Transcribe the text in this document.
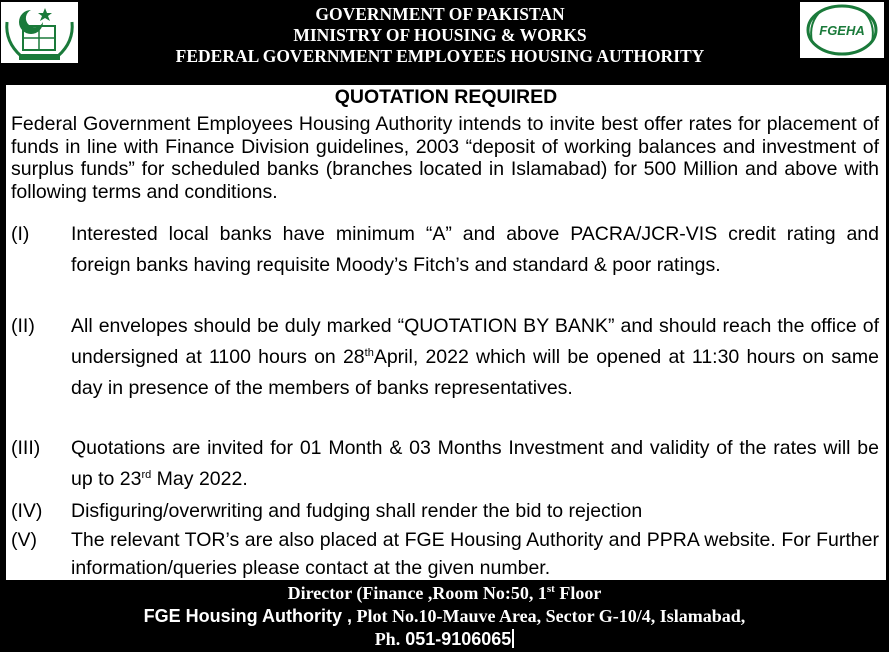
GOVERNMENT OF PAKISTAN
MINISTRY OF HOUSING & WORKS
FEDERAL GOVERNMENT EMPLOYEES HOUSING AUTHORITY
FGEHA
QUOTATION REQUIRED
Federal Government Employees Housing Authority intends to invite best offer rates for placement of funds in line with Finance Division guidelines, 2003 “deposit of working balances and investment of surplus funds” for scheduled banks (branches located in Islamabad) for 500 Million and above with following terms and conditions.
(I) Interested local banks have minimum “A” and above PACRA/JCR-VIS credit rating and foreign banks having requisite Moody’s Fitch’s and standard & poor ratings.
(II) All envelopes should be duly marked “QUOTATION BY BANK” and should reach the office of undersigned at 1100 hours on 28thApril, 2022 which will be opened at 11:30 hours on same day in presence of the members of banks representatives.
(III) Quotations are invited for 01 Month & 03 Months Investment and validity of the rates will be up to 23rd May 2022.
(IV) Disfiguring/overwriting and fudging shall render the bid to rejection
(V) The relevant TOR’s are also placed at FGE Housing Authority and PPRA website. For Further information/queries please contact at the given number.
Director (Finance ,Room No:50, 1st Floor
FGE Housing Authority , Plot No.10-Mauve Area, Sector G-10/4, Islamabad,
Ph. 051-9106065
